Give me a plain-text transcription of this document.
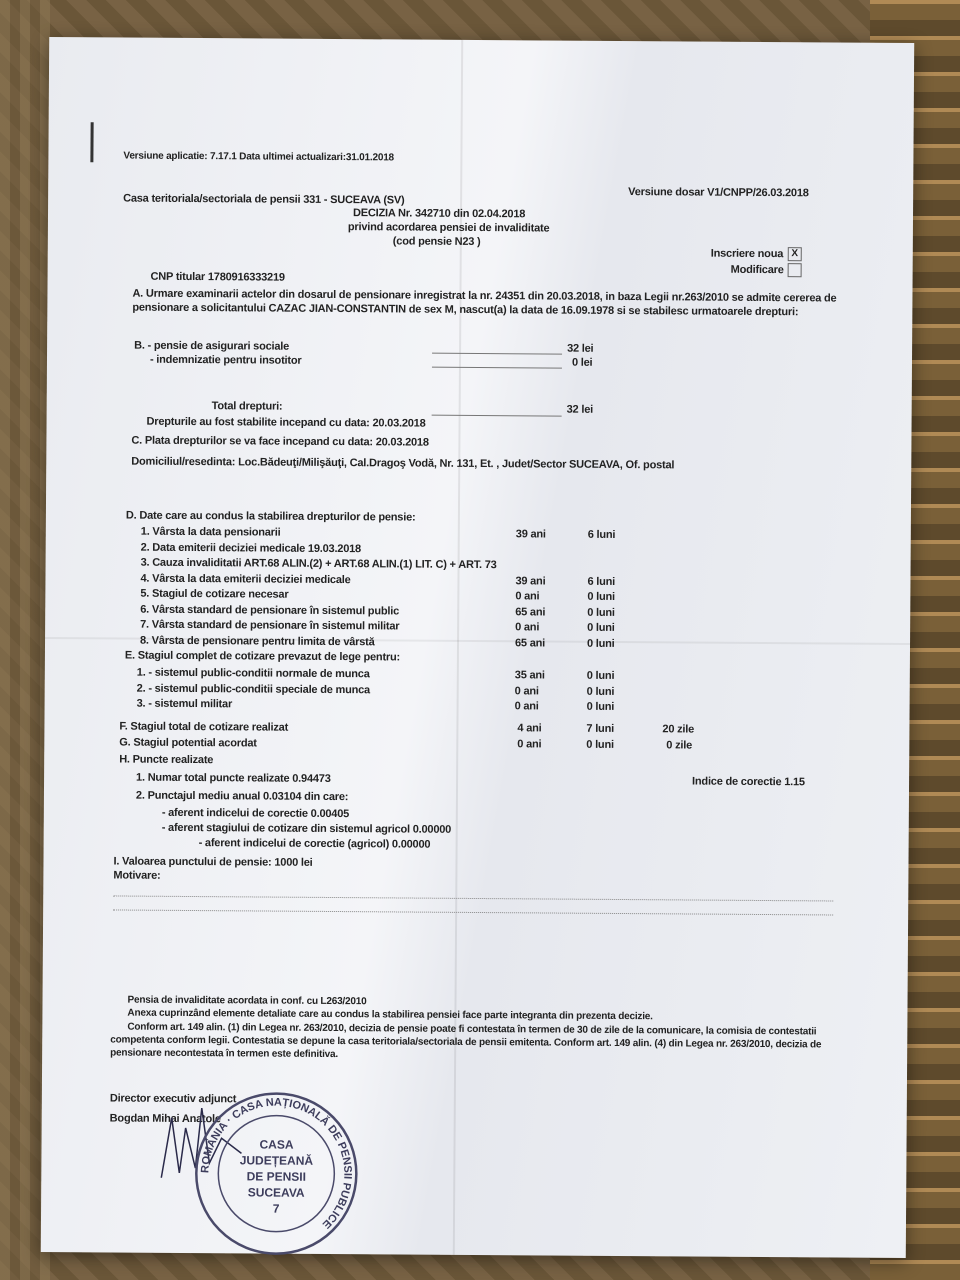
Versiune aplicatie: 7.17.1 Data ultimei actualizari:31.01.2018
Casa teritoriala/sectoriala de pensii 331 - SUCEAVA (SV)	Versiune dosar V1/CNPP/26.03.2018
DECIZIA Nr. 342710 din 02.04.2018
privind acordarea pensiei de invaliditate
(cod pensie N23 )
Inscriere noua X
Modificare
CNP titular 1780916333219
A. Urmare examinarii actelor din dosarul de pensionare inregistrat la nr. 24351 din 20.03.2018, in baza Legii nr.263/2010 se admite cererea de
pensionare a solicitantului CAZAC JIAN-CONSTANTIN de sex M, nascut(a) la data de 16.09.1978 si se stabilesc urmatoarele drepturi:
B. - pensie de asigurari sociale	32 lei
- indemnizatie pentru insotitor	0 lei
Total drepturi:	32 lei
Drepturile au fost stabilite incepand cu data: 20.03.2018
C. Plata drepturilor se va face incepand cu data: 20.03.2018
Domiciliul/resedinta: Loc.Bădeuţi/Milişăuţi, Cal.Dragoş Vodă, Nr. 131, Et. , Judet/Sector SUCEAVA, Of. postal
D. Date care au condus la stabilirea drepturilor de pensie:
1. Vârsta la data pensionarii	39 ani	6 luni
2. Data emiterii deciziei medicale 19.03.2018
3. Cauza invaliditatii ART.68 ALIN.(2) + ART.68 ALIN.(1) LIT. C) + ART. 73
4. Vârsta la data emiterii deciziei medicale	39 ani	6 luni
5. Stagiul de cotizare necesar	0 ani	0 luni
6. Vârsta standard de pensionare în sistemul public	65 ani	0 luni
7. Vârsta standard de pensionare în sistemul militar	0 ani	0 luni
8. Vârsta de pensionare pentru limita de vârstă	65 ani	0 luni
E. Stagiul complet de cotizare prevazut de lege pentru:
1. - sistemul public-conditii normale de munca	35 ani	0 luni
2. - sistemul public-conditii speciale de munca	0 ani	0 luni
3. - sistemul militar	0 ani	0 luni
F. Stagiul total de cotizare realizat	4 ani	7 luni	20 zile
G. Stagiul potential acordat	0 ani	0 luni	0 zile
H. Puncte realizate
1. Numar total puncte realizate 0.94473	Indice de corectie 1.15
2. Punctajul mediu anual 0.03104 din care:
- aferent indicelui de corectie 0.00405
- aferent stagiului de cotizare din sistemul agricol 0.00000
- aferent indicelui de corectie (agricol) 0.00000
I. Valoarea punctului de pensie: 1000 lei
Motivare:
Pensia de invaliditate acordata in conf. cu L263/2010
Anexa cuprinzând elemente detaliate care au condus la stabilirea pensiei face parte integranta din prezenta decizie.
Conform art. 149 alin. (1) din Legea nr. 263/2010, decizia de pensie poate fi contestata în termen de 30 de zile de la comunicare, la comisia de contestatii
competenta conform legii. Contestatia se depune la casa teritoriala/sectoriala de pensii emitenta. Conform art. 149 alin. (4) din Legea nr. 263/2010, decizia de
pensionare necontestata în termen este definitiva.
Director executiv adjunct
Bogdan Mihai Anatole
ROMÂNIA · CASA NAȚIONALĂ DE PENSII PUBLICE
CASA
JUDEȚEANĂ
DE PENSII
SUCEAVA
7
